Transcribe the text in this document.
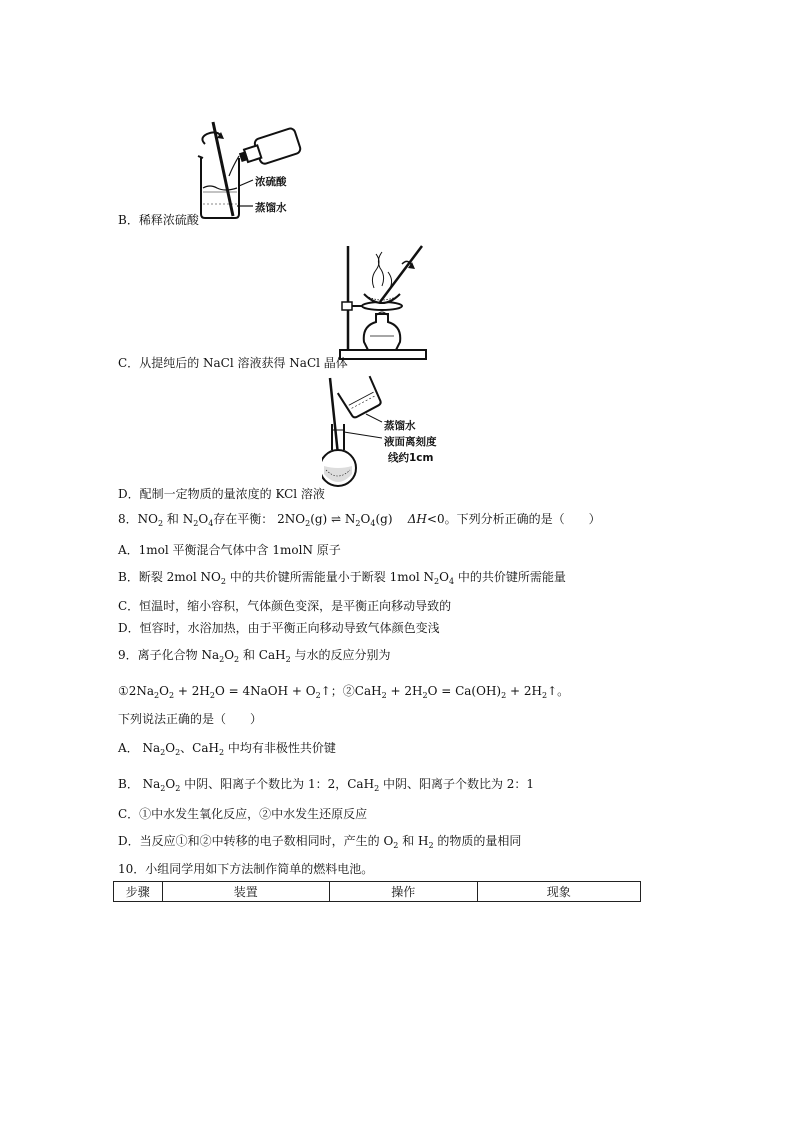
浓硫酸
蒸馏水
B．稀释浓硫酸
C．从提纯后的 NaCl 溶液获得 NaCl 晶体
蒸馏水
液面离刻度
线约1cm
D．配制一定物质的量浓度的 KCl 溶液
8．$NO_2$ 和 $N_2O_4$存在平衡： $2NO_2(g)$ ⇌ $N_2O_4(g)$    ΔH<0。下列分析正确的是（　　）
A．1mol 平衡混合气体中含 1molN 原子
B．断裂 2mol $NO_2$ 中的共价键所需能量小于断裂 1mol $N_2O_4$ 中的共价键所需能量
C．恒温时，缩小容积，气体颜色变深，是平衡正向移动导致的
D．恒容时，水浴加热，由于平衡正向移动导致气体颜色变浅
9．离子化合物 $Na_2O_2$ 和 CaH$_2$ 与水的反应分别为
$①2Na_2O_2 + 2H_2O$ = 4NaOH + $O_2↑$；②CaH$_2$ + $2H_2O = Ca(OH)_2$ + $2H_2↑$。
下列说法正确的是（　　）
A． $Na_2O_2$、CaH$_2$ 中均有非极性共价键
B． $Na_2O_2$ 中阴、阳离子个数比为 1：2，CaH$_2$ 中阴、阳离子个数比为 2：1
C．①中水发生氧化反应，②中水发生还原反应
D．当反应①和②中转移的电子数相同时，产生的 $O_2$ 和 $H_2$ 的物质的量相同
10．小组同学用如下方法制作简单的燃料电池。
步骤	装置	操作	现象
